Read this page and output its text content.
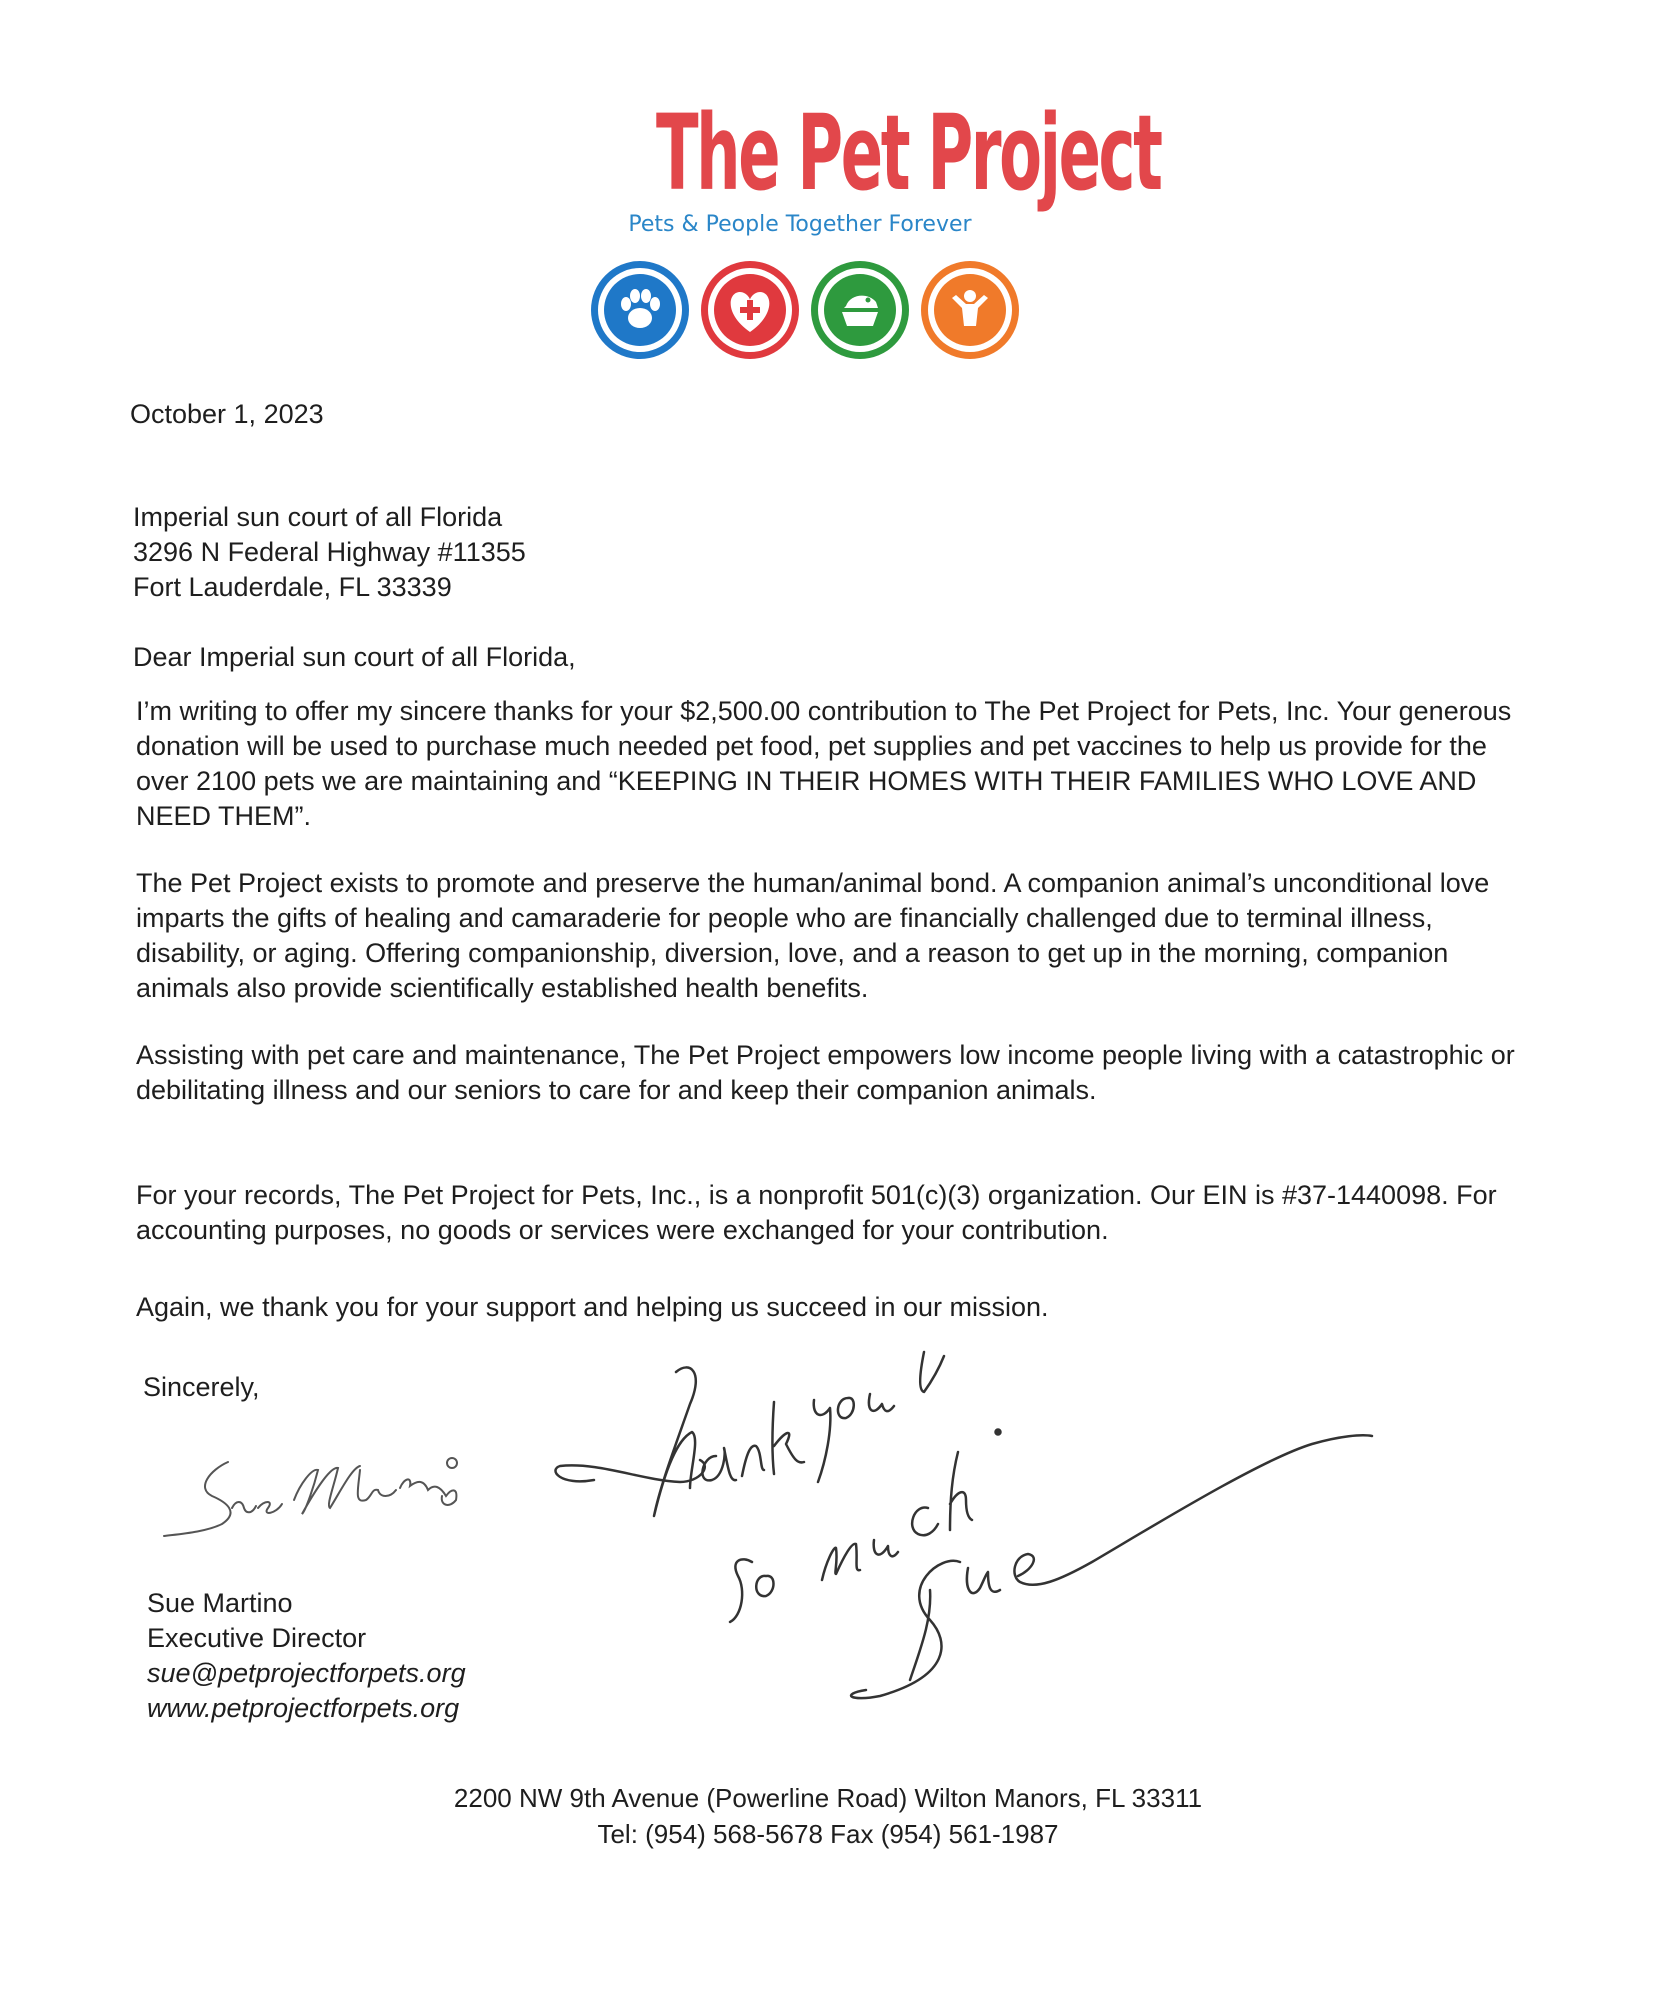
The Pet Project
Pets & People Together Forever
October 1, 2023
Imperial sun court of all Florida
3296 N Federal Highway #11355
Fort Lauderdale, FL 33339
Dear Imperial sun court of all Florida,
I’m writing to offer my sincere thanks for your $2,500.00 contribution to The Pet Project for Pets, Inc. Your generous donation will be used to purchase much needed pet food, pet supplies and pet vaccines to help us provide for the over 2100 pets we are maintaining and “KEEPING IN THEIR HOMES WITH THEIR FAMILIES WHO LOVE AND NEED THEM”.
The Pet Project exists to promote and preserve the human/animal bond. A companion animal’s unconditional love imparts the gifts of healing and camaraderie for people who are financially challenged due to terminal illness, disability, or aging. Offering companionship, diversion, love, and a reason to get up in the morning, companion animals also provide scientifically established health benefits.
Assisting with pet care and maintenance, The Pet Project empowers low income people living with a catastrophic or debilitating illness and our seniors to care for and keep their companion animals.
For your records, The Pet Project for Pets, Inc., is a nonprofit 501(c)(3) organization. Our EIN is #37-1440098. For accounting purposes, no goods or services were exchanged for your contribution.
Again, we thank you for your support and helping us succeed in our mission.
Sincerely,
Sue Martino
Executive Director
sue@petprojectforpets.org
www.petprojectforpets.org
2200 NW 9th Avenue (Powerline Road) Wilton Manors, FL 33311
Tel: (954) 568-5678 Fax (954) 561-1987
